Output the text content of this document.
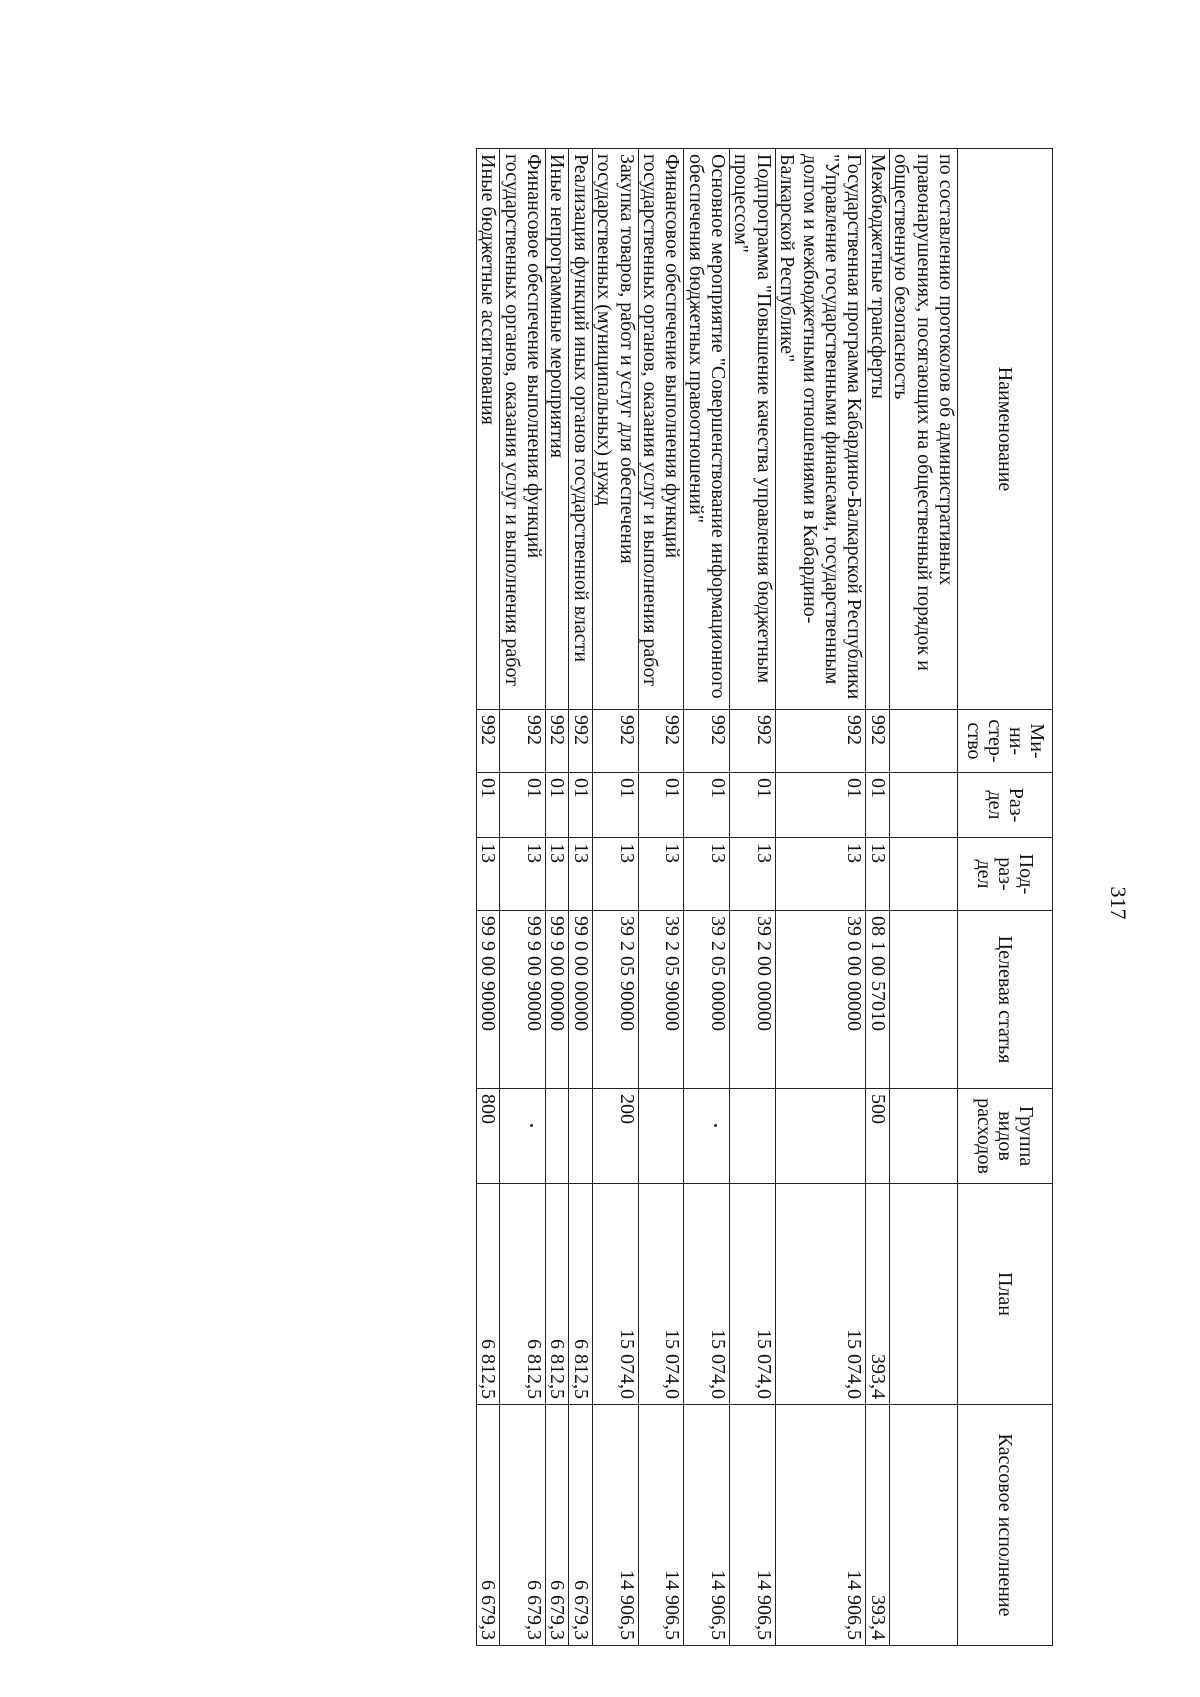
317
Наименование	Ми-ни-стер-ство	Раз-дел	Под-раз-дел	Целевая статья	Группа видов расходов	План	Кассовое исполнение
по составлению протоколов об административных правонарушениях, посягающих на общественный порядок и общественную безопасность							
Межбюджетные трансферты	992	01	13	08 1 00 57010	500	393,4	393,4
Государственная программа Кабардино-Балкарской Республики "Управление государственными финансами, государственным долгом и межбюджетными отношениями в Кабардино-Балкарской Республике"	992	01	13	39 0 00 00000		15 074,0	14 906,5
Подпрограмма "Повышение качества управления бюджетным процессом"	992	01	13	39 2 00 00000		15 074,0	14 906,5
Основное мероприятие "Совершенствование информационного обеспечения бюджетных правоотношений"	992	01	13	39 2 05 00000		15 074,0	14 906,5
Финансовое обеспечение выполнения функций государственных органов, оказания услуг и выполнения работ	992	01	13	39 2 05 90000		15 074,0	14 906,5
Закупка товаров, работ и услуг для обеспечения государственных (муниципальных) нужд	992	01	13	39 2 05 90000	200	15 074,0	14 906,5
Реализация функций иных органов государственной власти	992	01	13	99 0 00 00000		6 812,5	6 679,3
Иные непрограммные мероприятия	992	01	13	99 9 00 00000		6 812,5	6 679,3
Финансовое обеспечение выполнения функций государственных органов, оказания услуг и выполнения работ	992	01	13	99 9 00 90000		6 812,5	6 679,3
Иные бюджетные ассигнования	992	01	13	99 9 00 90000	800	6 812,5	6 679,3
